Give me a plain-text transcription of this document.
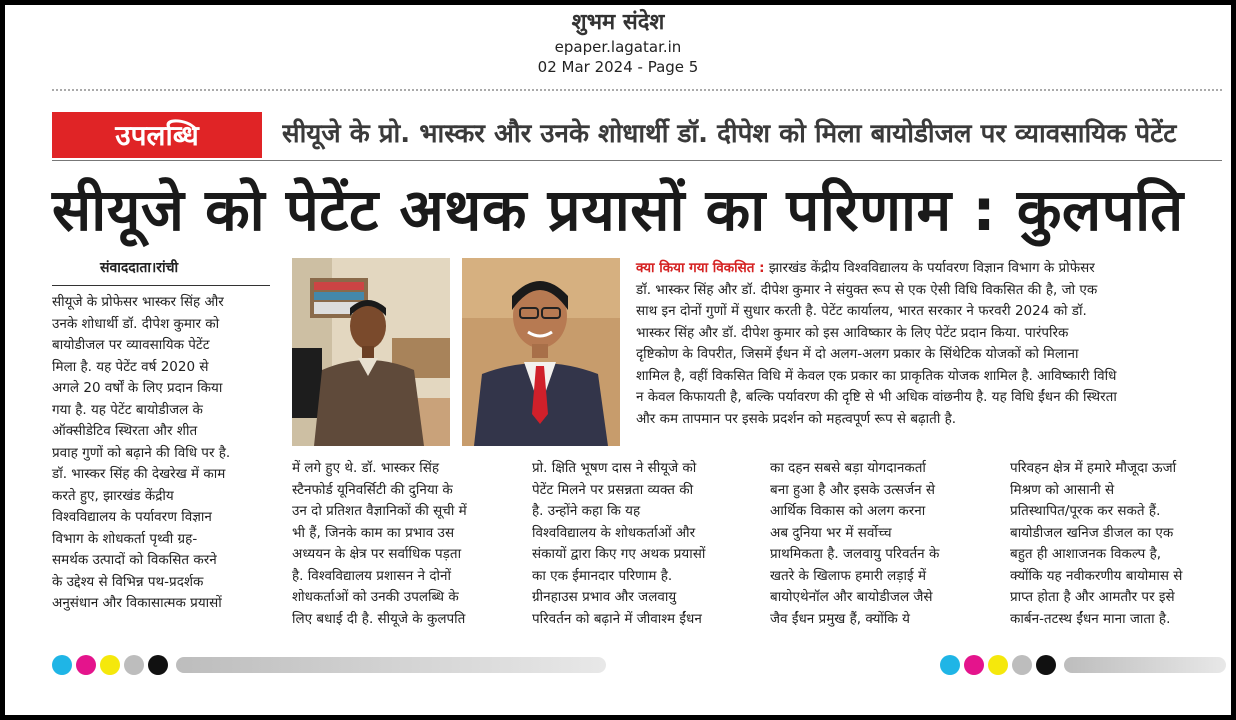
शुभम संदेश
epaper.lagatar.in
02 Mar 2024 - Page 5
उपलब्धि	सीयूजे के प्रो. भास्कर और उनके शोधार्थी डॉ. दीपेश को मिला बायोडीजल पर व्यावसायिक पेटेंट
सीयूजे को पेटेंट अथक प्रयासों का परिणाम : कुलपति
संवाददाता।रांची

सीयूजे के प्रोफेसर भास्कर सिंह और

उनके शोधार्थी डॉ. दीपेश कुमार को

बायोडीजल पर व्यावसायिक पेटेंट

मिला है. यह पेटेंट वर्ष 2020 से

अगले 20 वर्षों के लिए प्रदान किया

गया है. यह पेटेंट बायोडीजल के

ऑक्सीडेटिव स्थिरता और शीत

प्रवाह गुणों को बढ़ाने की विधि पर है.

डॉ. भास्कर सिंह की देखरेख में काम

करते हुए, झारखंड केंद्रीय

विश्वविद्यालय के पर्यावरण विज्ञान

विभाग के शोधकर्ता पृथ्वी ग्रह-

समर्थक उत्पादों को विकसित करने

के उद्देश्य से विभिन्न पथ-प्रदर्शक

अनुसंधान और विकासात्मक प्रयासों

क्या किया गया विकसित : झारखंड केंद्रीय विश्वविद्यालय के पर्यावरण विज्ञान विभाग के प्रोफेसर
डॉ. भास्कर सिंह और डॉ. दीपेश कुमार ने संयुक्त रूप से एक ऐसी विधि विकसित की है, जो एक
साथ इन दोनों गुणों में सुधार करती है. पेटेंट कार्यालय, भारत सरकार ने फरवरी 2024 को डॉ.
भास्कर सिंह और डॉ. दीपेश कुमार को इस आविष्कार के लिए पेटेंट प्रदान किया. पारंपरिक
दृष्टिकोण के विपरीत, जिसमें ईंधन में दो अलग-अलग प्रकार के सिंथेटिक योजकों को मिलाना
शामिल है, वहीं विकसित विधि में केवल एक प्रकार का प्राकृतिक योजक शामिल है. आविष्कारी विधि
न केवल किफायती है, बल्कि पर्यावरण की दृष्टि से भी अधिक वांछनीय है. यह विधि ईंधन की स्थिरता
और कम तापमान पर इसके प्रदर्शन को महत्वपूर्ण रूप से बढ़ाती है.

में लगे हुए थे. डॉ. भास्कर सिंह

स्टैनफोर्ड यूनिवर्सिटी की दुनिया के

उन दो प्रतिशत वैज्ञानिकों की सूची में

भी हैं, जिनके काम का प्रभाव उस

अध्ययन के क्षेत्र पर सर्वाधिक पड़ता

है. विश्वविद्यालय प्रशासन ने दोनों

शोधकर्ताओं को उनकी उपलब्धि के

लिए बधाई दी है. सीयूजे के कुलपति

प्रो. क्षिति भूषण दास ने सीयूजे को

पेटेंट मिलने पर प्रसन्नता व्यक्त की

है. उन्होंने कहा कि यह

विश्वविद्यालय के शोधकर्ताओं और

संकायों द्वारा किए गए अथक प्रयासों

का एक ईमानदार परिणाम है.

ग्रीनहाउस प्रभाव और जलवायु

परिवर्तन को बढ़ाने में जीवाश्म ईंधन

का दहन सबसे बड़ा योगदानकर्ता

बना हुआ है और इसके उत्सर्जन से

आर्थिक विकास को अलग करना

अब दुनिया भर में सर्वोच्च

प्राथमिकता है. जलवायु परिवर्तन के

खतरे के खिलाफ हमारी लड़ाई में

बायोएथेनॉल और बायोडीजल जैसे

जैव ईंधन प्रमुख हैं, क्योंकि ये

परिवहन क्षेत्र में हमारे मौजूदा ऊर्जा

मिश्रण को आसानी से

प्रतिस्थापित/पूरक कर सकते हैं.

बायोडीजल खनिज डीजल का एक

बहुत ही आशाजनक विकल्प है,

क्योंकि यह नवीकरणीय बायोमास से

प्राप्त होता है और आमतौर पर इसे

कार्बन-तटस्थ ईंधन माना जाता है.
